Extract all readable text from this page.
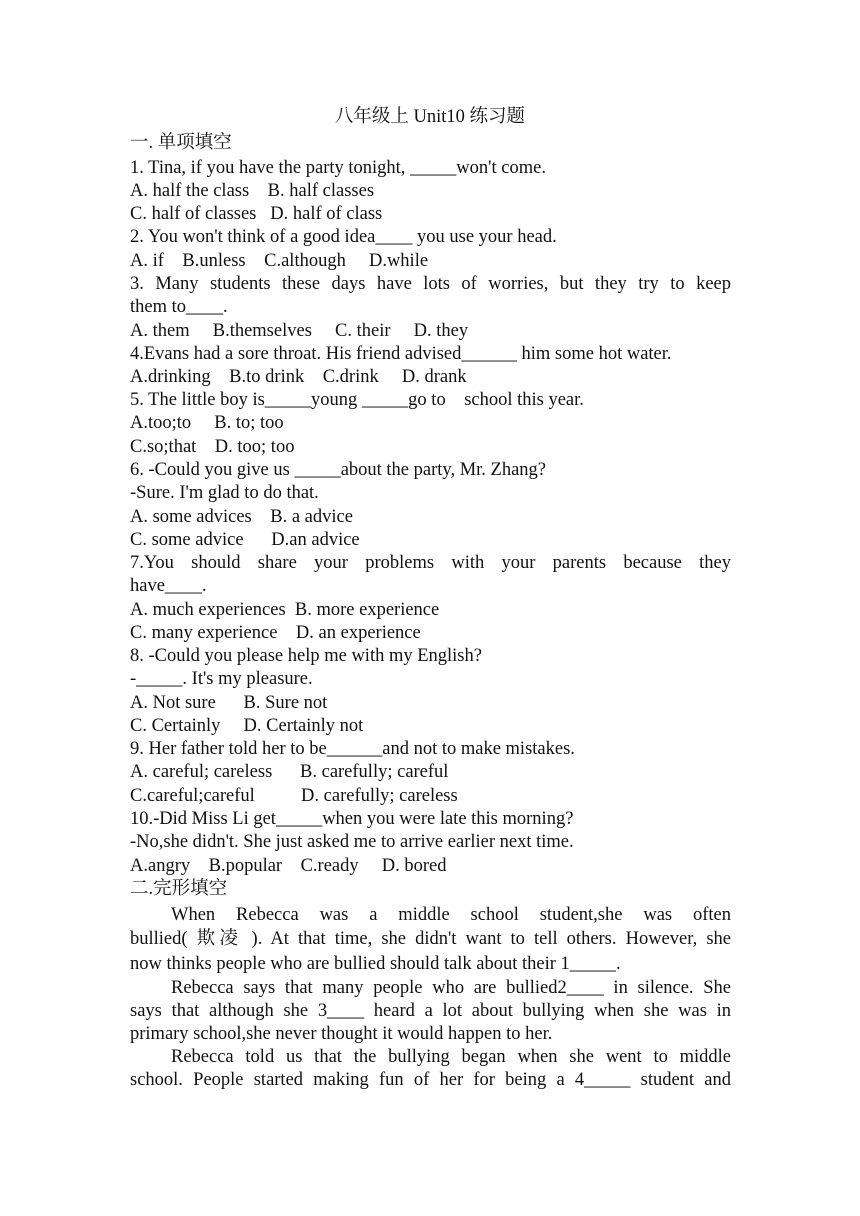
八年级上 Unit10 练习题
一. 单项填空
1. Tina, if you have the party tonight, _____won't come.
A. half the class    B. half classes
C. half of classes   D. half of class
2. You won't think of a good idea____ you use your head.
A. if    B.unless    C.although     D.while
3. Many students these days have lots of worries, but they try to keep
them to____.
A. them     B.themselves     C. their     D. they
4.Evans had a sore throat. His friend advised______ him some hot water.
A.drinking    B.to drink    C.drink     D. drank
5. The little boy is_____young _____go to    school this year.
A.too;to     B. to; too
C.so;that    D. too; too
6. -Could you give us _____about the party, Mr. Zhang?
-Sure. I'm glad to do that.
A. some advices    B. a advice
C. some advice      D.an advice
7.You should share your problems with your parents because they
have____.
A. much experiences  B. more experience
C. many experience    D. an experience
8. -Could you please help me with my English?
-_____. It's my pleasure.
A. Not sure      B. Sure not
C. Certainly     D. Certainly not
9. Her father told her to be______and not to make mistakes.
A. careful; careless      B. carefully; careful
C.careful;careful          D. carefully; careless
10.-Did Miss Li get_____when you were late this morning?
-No,she didn't. She just asked me to arrive earlier next time.
A.angry    B.popular    C.ready     D. bored
二.完形填空
When Rebecca was a middle school student,she was often
bullied( 欺凌 ). At that time, she didn't want to tell others. However, she
now thinks people who are bullied should talk about their 1_____.
Rebecca says that many people who are bullied2____ in silence. She
says that although she 3____ heard a lot about bullying when she was in
primary school,she never thought it would happen to her.
Rebecca told us that the bullying began when she went to middle
school. People started making fun of her for being a 4_____ student and
